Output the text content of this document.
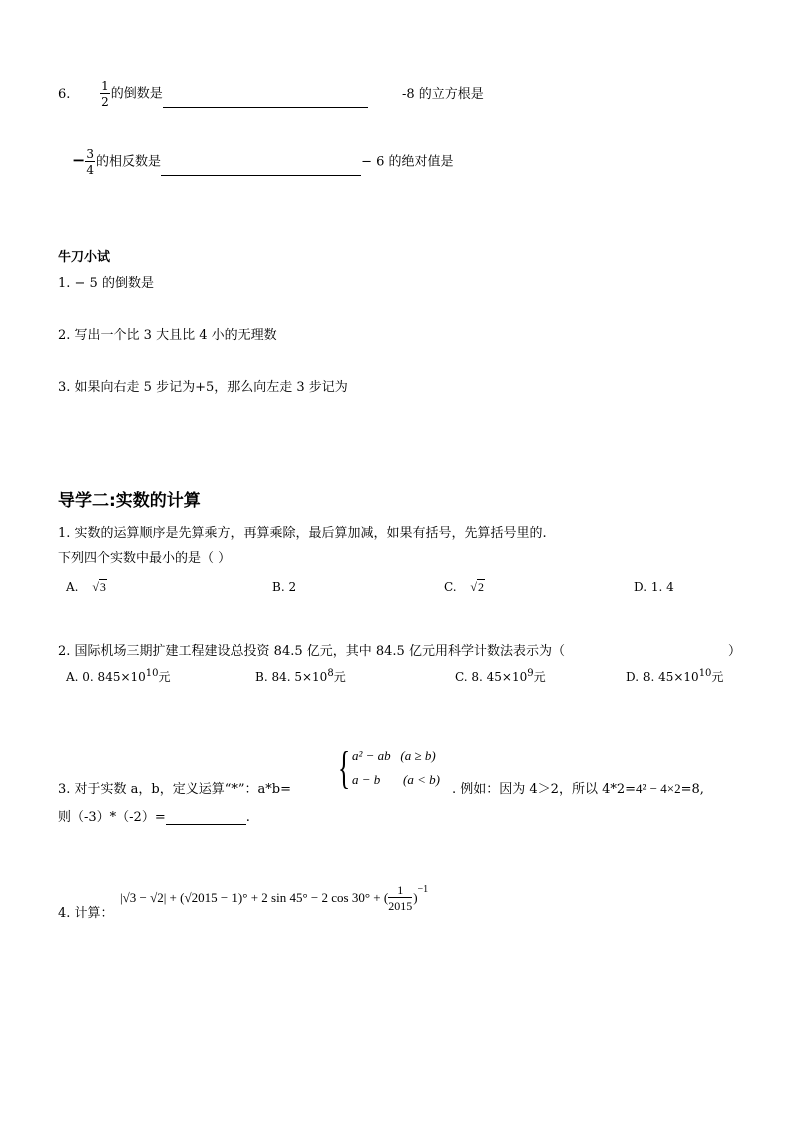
6. $\frac{1}{2}$ 的倒数是	-8 的立方根是
− $\frac{3}{4}$ 的相反数是	− 6 的绝对值是
牛刀小试
1. − 5 的倒数是
2. 写出一个比 3 大且比 4 小的无理数
3. 如果向右走 5 步记为+5，那么向左走 3 步记为
导学二:实数的计算
1. 实数的运算顺序是先算乘方，再算乘除，最后算加减，如果有括号，先算括号里的.
下列四个实数中最小的是（ ）
A. √3	B. 2	C. √2	D. 1. 4
2. 国际机场三期扩建工程建设总投资 84.5 亿元，其中 84.5 亿元用科学计数法表示为（	）
A. 0. $845\times 10^{10}$元	B. 84. $5\times 10^8$元	C. 8. $45\times 10^9$元	D. 8. $45\times 10^{10}$元
3. 对于实数 a，b，定义运算“*”：a*b= { a² − ab   (a ≥ b)
a − b       (a < b)
. 例如：因为 4＞2，所以 4*2=4² − 4×2=8,
则（-3）*（-2）=	.
4. 计算：
|√3 − √2| + (√2015 − 1)° + 2 sin 45° − 2 cos 30° + ( $\frac{1}{2015} )^{-1}$
